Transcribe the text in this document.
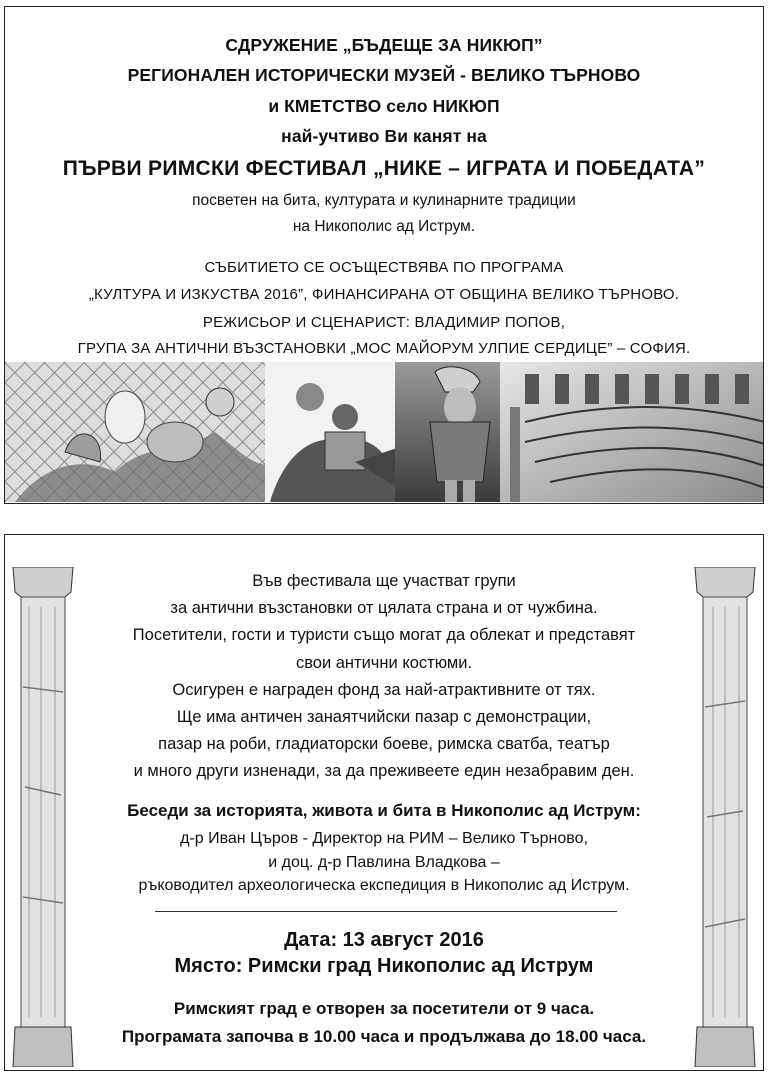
СДРУЖЕНИЕ „БЪДЕЩЕ ЗА НИКЮП”
РЕГИОНАЛЕН ИСТОРИЧЕСКИ МУЗЕЙ - ВЕЛИКО ТЪРНОВО
и КМЕТСТВО село НИКЮП
най-учтиво Ви канят на
ПЪРВИ РИМСКИ ФЕСТИВАЛ „НИКЕ – ИГРАТА И ПОБЕДАТА”
посветен на бита, културата и кулинарните традиции
на Никополис ад Иструм.
СЪБИТИЕТО СЕ ОСЪЩЕСТВЯВА ПО ПРОГРАМА
„КУЛТУРА И ИЗКУСТВА 2016”, ФИНАНСИРАНА ОТ ОБЩИНА ВЕЛИКО ТЪРНОВО.
РЕЖИСЬОР И СЦЕНАРИСТ: ВЛАДИМИР ПОПОВ,
ГРУПА ЗА АНТИЧНИ ВЪЗСТАНОВКИ „МОС МАЙОРУМ УЛПИЕ СЕРДИЦЕ” – СОФИЯ.
Във фестивала ще участват групи
за антични възстановки от цялата страна и от чужбина.
Посетители, гости и туристи също могат да облекат и представят
свои антични костюми.
Осигурен е награден фонд за най-атрактивните от тях.
Ще има античен занаятчийски пазар с демонстрации,
пазар на роби, гладиаторски боеве, римска сватба, театър
и много други изненади, за да преживеете един незабравим ден.
Беседи за историята, живота и бита в Никополис ад Иструм:
д-р Иван Църов - Директор на РИМ – Велико Търново,
и доц. д-р Павлина Владкова –
ръководител археологическа експедиция в Никополис ад Иструм.
Дата: 13 август 2016
Място: Римски град Никополис ад Иструм
Римският град е отворен за посетители от 9 часа.
Програмата започва в 10.00 часа и продължава до 18.00 часа.
